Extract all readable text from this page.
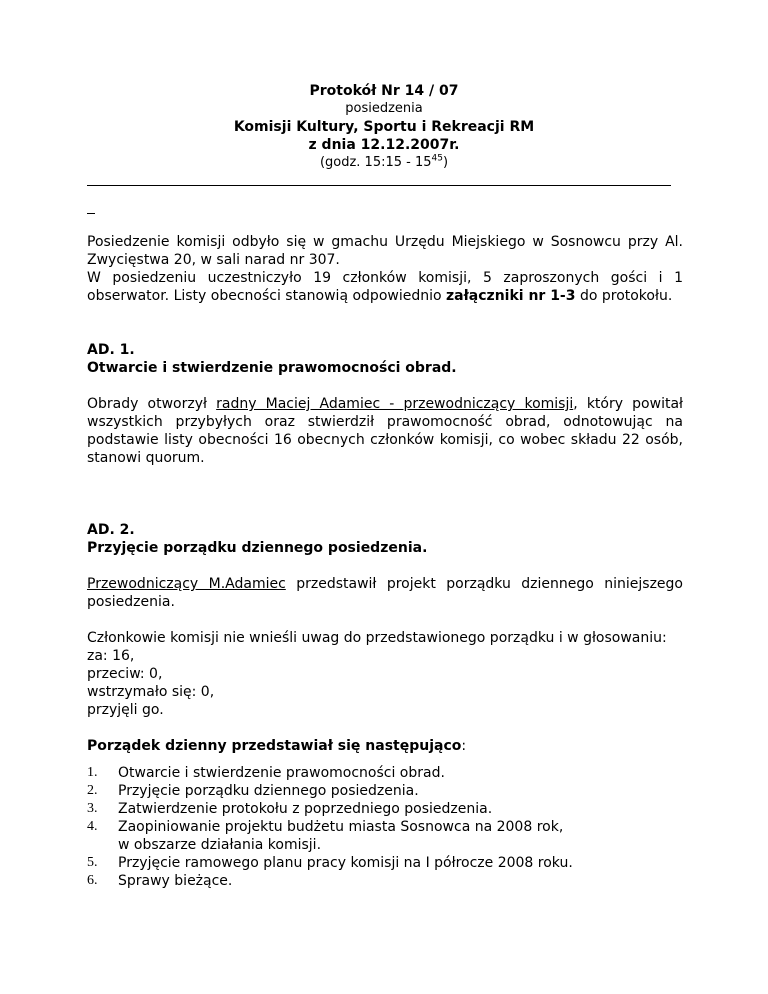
Protokół Nr 14 / 07
posiedzenia
Komisji Kultury, Sportu i Rekreacji RM
z dnia 12.12.2007r.
(godz. 15:15 - $15^{45}$)

Posiedzenie komisji odbyło się w gmachu Urzędu Miejskiego w Sosnowcu przy Al. Zwycięstwa 20, w sali narad nr 307.

W posiedzeniu uczestniczyło 19 członków komisji, 5 zaproszonych gości i 1 obserwator. Listy obecności stanowią odpowiednio załączniki nr 1-3 do protokołu.

AD. 1.

Otwarcie i stwierdzenie prawomocności obrad.

Obrady otworzył radny Maciej Adamiec - przewodniczący komisji, który powitał wszystkich przybyłych oraz stwierdził prawomocność obrad, odnotowując na podstawie listy obecności 16 obecnych członków komisji, co wobec składu 22 osób, stanowi quorum.

AD. 2.

Przyjęcie porządku dziennego posiedzenia.

Przewodniczący M.Adamiec przedstawił projekt porządku dziennego niniejszego posiedzenia.

Członkowie komisji nie wnieśli uwag do przedstawionego porządku i w głosowaniu:

za: 16,

przeciw: 0,

wstrzymało się: 0,

przyjęli go.

Porządek dzienny przedstawiał się następująco:

1. Otwarcie i stwierdzenie prawomocności obrad.
2. Przyjęcie porządku dziennego posiedzenia.
3. Zatwierdzenie protokołu z poprzedniego posiedzenia.
4. Zaopiniowanie projektu budżetu miasta Sosnowca na 2008 rok,
w obszarze działania komisji.
5. Przyjęcie ramowego planu pracy komisji na I półrocze 2008 roku.
6. Sprawy bieżące.
